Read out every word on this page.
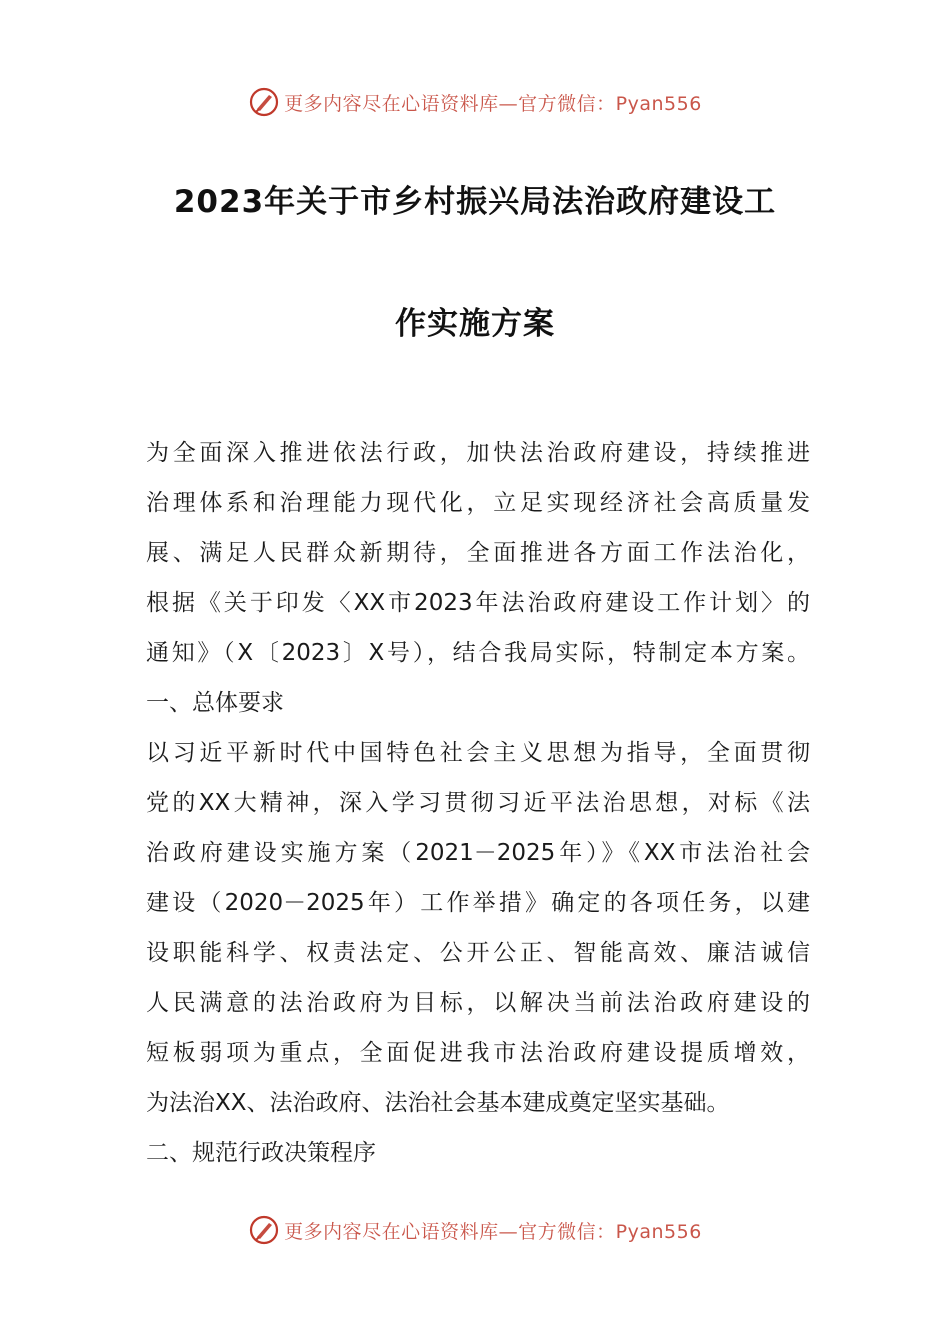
更多内容尽在心语资料库—官方微信：Pyan556
2023年关于市乡村振兴局法治政府建设工
作实施方案
为全面深入推进依法行政，加快法治政府建设，持续推进
治理体系和治理能力现代化，立足实现经济社会高质量发
展、满足人民群众新期待，全面推进各方面工作法治化，
根据《关于印发〈XX市2023年法治政府建设工作计划〉的
通知》（X〔2023〕X号），结合我局实际，特制定本方案。
一、总体要求
以习近平新时代中国特色社会主义思想为指导，全面贯彻
党的XX大精神，深入学习贯彻习近平法治思想，对标《法
治政府建设实施方案（2021－2025年）》《XX市法治社会
建设（2020－2025年）工作举措》确定的各项任务，以建
设职能科学、权责法定、公开公正、智能高效、廉洁诚信
人民满意的法治政府为目标，以解决当前法治政府建设的
短板弱项为重点，全面促进我市法治政府建设提质增效，
为法治XX、法治政府、法治社会基本建成奠定坚实基础。
二、规范行政决策程序
更多内容尽在心语资料库—官方微信：Pyan556
